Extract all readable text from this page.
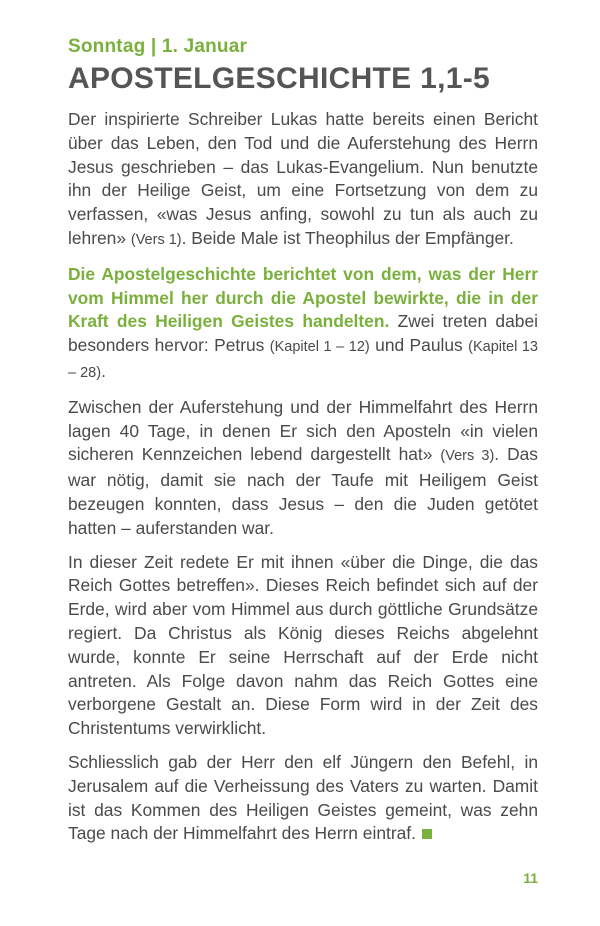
Sonntag | 1. Januar
APOSTELGESCHICHTE 1,1-5

Der inspirierte Schreiber Lukas hatte bereits einen Bericht über das Leben, den Tod und die Auferstehung des Herrn Jesus geschrieben – das Lukas-Evangelium. Nun benutzte ihn der Heilige Geist, um eine Fortsetzung von dem zu verfassen, «was Jesus anfing, sowohl zu tun als auch zu lehren» (Vers 1). Beide Male ist Theophilus der Empfänger.

Die Apostelgeschichte berichtet von dem, was der Herr vom Himmel her durch die Apostel bewirkte, die in der Kraft des Heiligen Geistes handelten. Zwei treten dabei besonders hervor: Petrus (Kapitel 1 – 12) und Paulus (Kapitel 13 – 28).

Zwischen der Auferstehung und der Himmelfahrt des Herrn lagen 40 Tage, in denen Er sich den Aposteln «in vielen sicheren Kennzeichen lebend dargestellt hat» (Vers 3). Das war nötig, damit sie nach der Taufe mit Heiligem Geist bezeugen konnten, dass Jesus – den die Juden getötet hatten – auferstanden war.

In dieser Zeit redete Er mit ihnen «über die Dinge, die das Reich Gottes betreffen». Dieses Reich befindet sich auf der Erde, wird aber vom Himmel aus durch göttliche Grundsätze regiert. Da Christus als König dieses Reichs abgelehnt wurde, konnte Er seine Herrschaft auf der Erde nicht antreten. Als Folge davon nahm das Reich Gottes eine verborgene Gestalt an. Diese Form wird in der Zeit des Christentums verwirklicht.

Schliesslich gab der Herr den elf Jüngern den Befehl, in Jerusalem auf die Verheissung des Vaters zu warten. Damit ist das Kommen des Heiligen Geistes gemeint, was zehn Tage nach der Himmelfahrt des Herrn eintraf.

11
